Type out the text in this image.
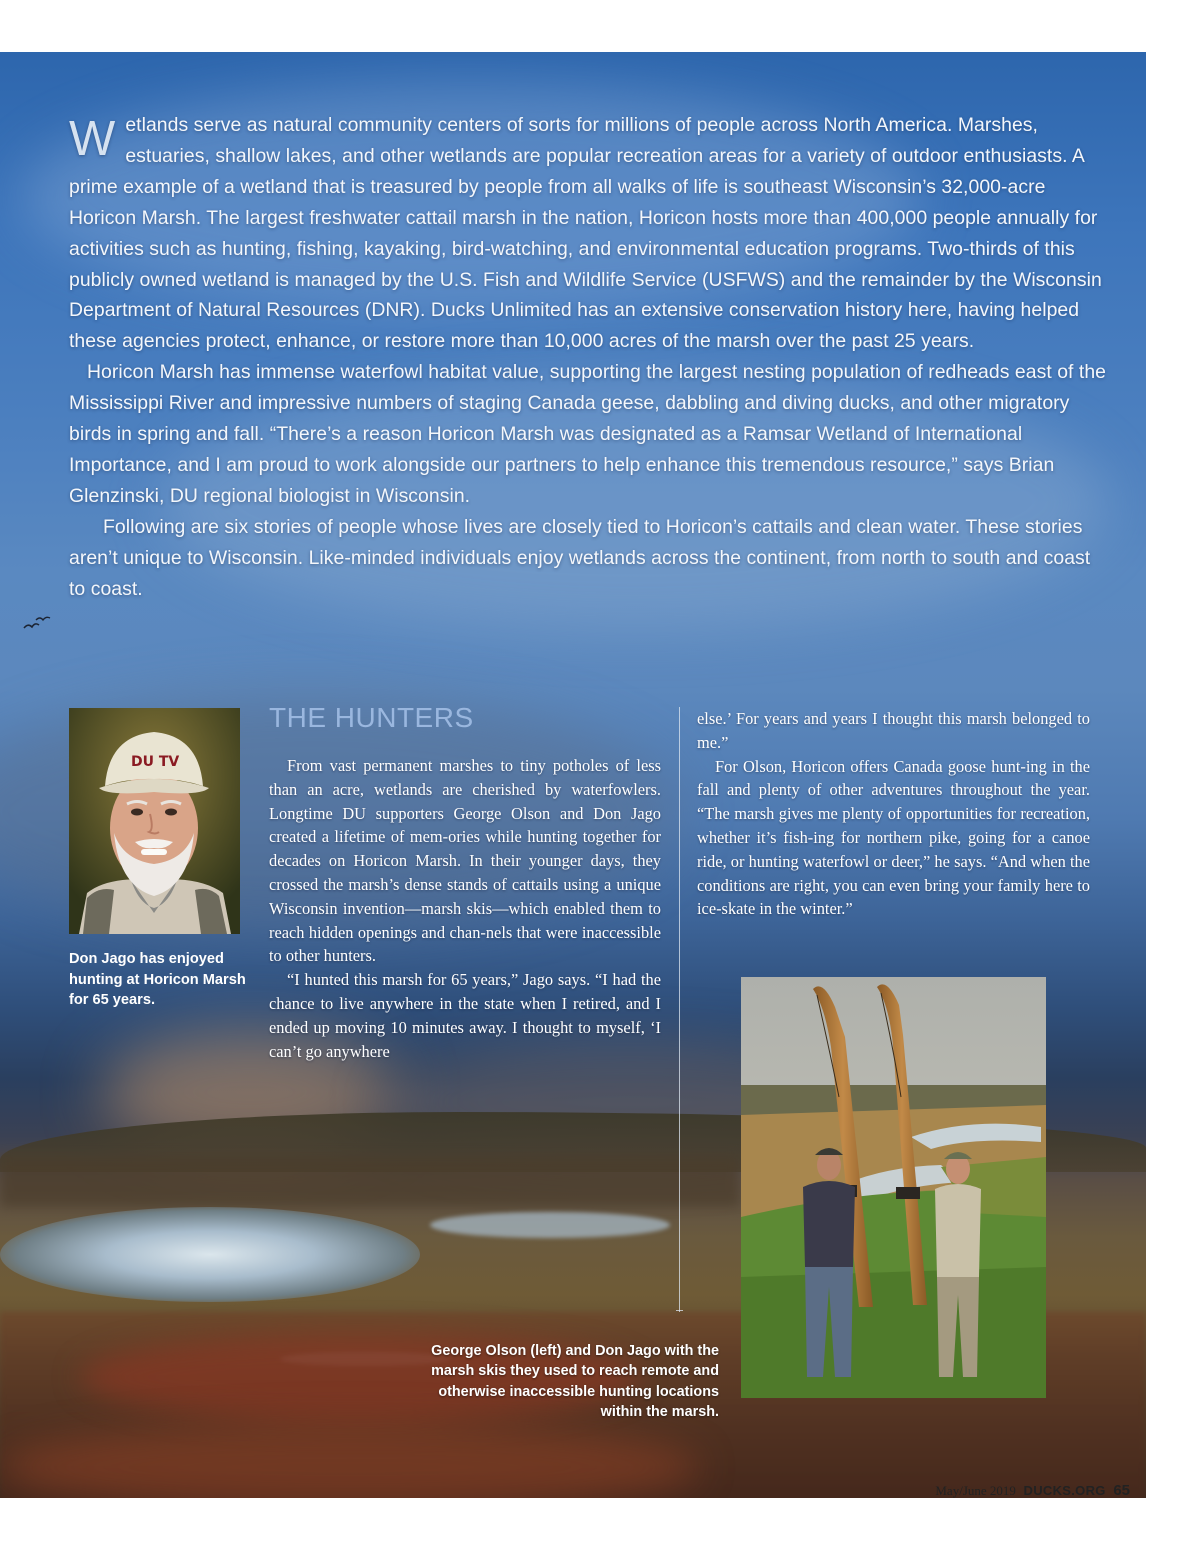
Wetlands serve as natural community centers of sorts for millions of people across North America. Marshes, estuaries, shallow lakes, and other wetlands are popular recreation areas for a variety of outdoor enthusiasts. A prime example of a wetland that is treasured by people from all walks of life is southeast Wisconsin’s 32,000-acre Horicon Marsh. The largest freshwater cattail marsh in the nation, Horicon hosts more than 400,000 people annually for activities such as hunting, fishing, kayaking, bird-watching, and environmental education programs. Two-thirds of this publicly owned wetland is managed by the U.S. Fish and Wildlife Service (USFWS) and the remainder by the Wisconsin Department of Natural Resources (DNR). Ducks Unlimited has an extensive conservation history here, having helped these agencies protect, enhance, or restore more than 10,000 acres of the marsh over the past 25 years.

Horicon Marsh has immense waterfowl habitat value, supporting the largest nesting population of redheads east of the Mississippi River and impressive numbers of staging Canada geese, dabbling and diving ducks, and other migratory birds in spring and fall. “There’s a reason Horicon Marsh was designated as a Ramsar Wetland of International Importance, and I am proud to work alongside our partners to help enhance this tremendous resource,” says Brian Glenzinski, DU regional biologist in Wisconsin.

Following are six stories of people whose lives are closely tied to Horicon’s cattails and clean water. These stories aren’t unique to Wisconsin. Like-minded individuals enjoy wetlands across the continent, from north to south and coast to coast.

DU TV

Don Jago has enjoyed hunting at Horicon Marsh for 65 years.

THE HUNTERS

From vast permanent marshes to tiny potholes of less than an acre, wetlands are cherished by waterfowlers. Longtime DU supporters George Olson and Don Jago created a lifetime of mem-ories while hunting together for decades on Horicon Marsh. In their younger days, they crossed the marsh’s dense stands of cattails using a unique Wisconsin invention—marsh skis—which enabled them to reach hidden openings and chan-nels that were inaccessible to other hunters.

“I hunted this marsh for 65 years,” Jago says. “I had the chance to live anywhere in the state when I retired, and I ended up moving 10 minutes away. I thought to myself, ‘I can’t go anywhere

else.’ For years and years I thought this marsh belonged to me.”

For Olson, Horicon offers Canada goose hunt-ing in the fall and plenty of other adventures throughout the year. “The marsh gives me plenty of opportunities for recreation, whether it’s fish-ing for northern pike, going for a canoe ride, or hunting waterfowl or deer,” he says. “And when the conditions are right, you can even bring your family here to ice-skate in the winter.”

George Olson (left) and Don Jago with the marsh skis they used to reach remote and otherwise inaccessible hunting locations within the marsh.

May/June 2019 DUCKS.ORG 65
